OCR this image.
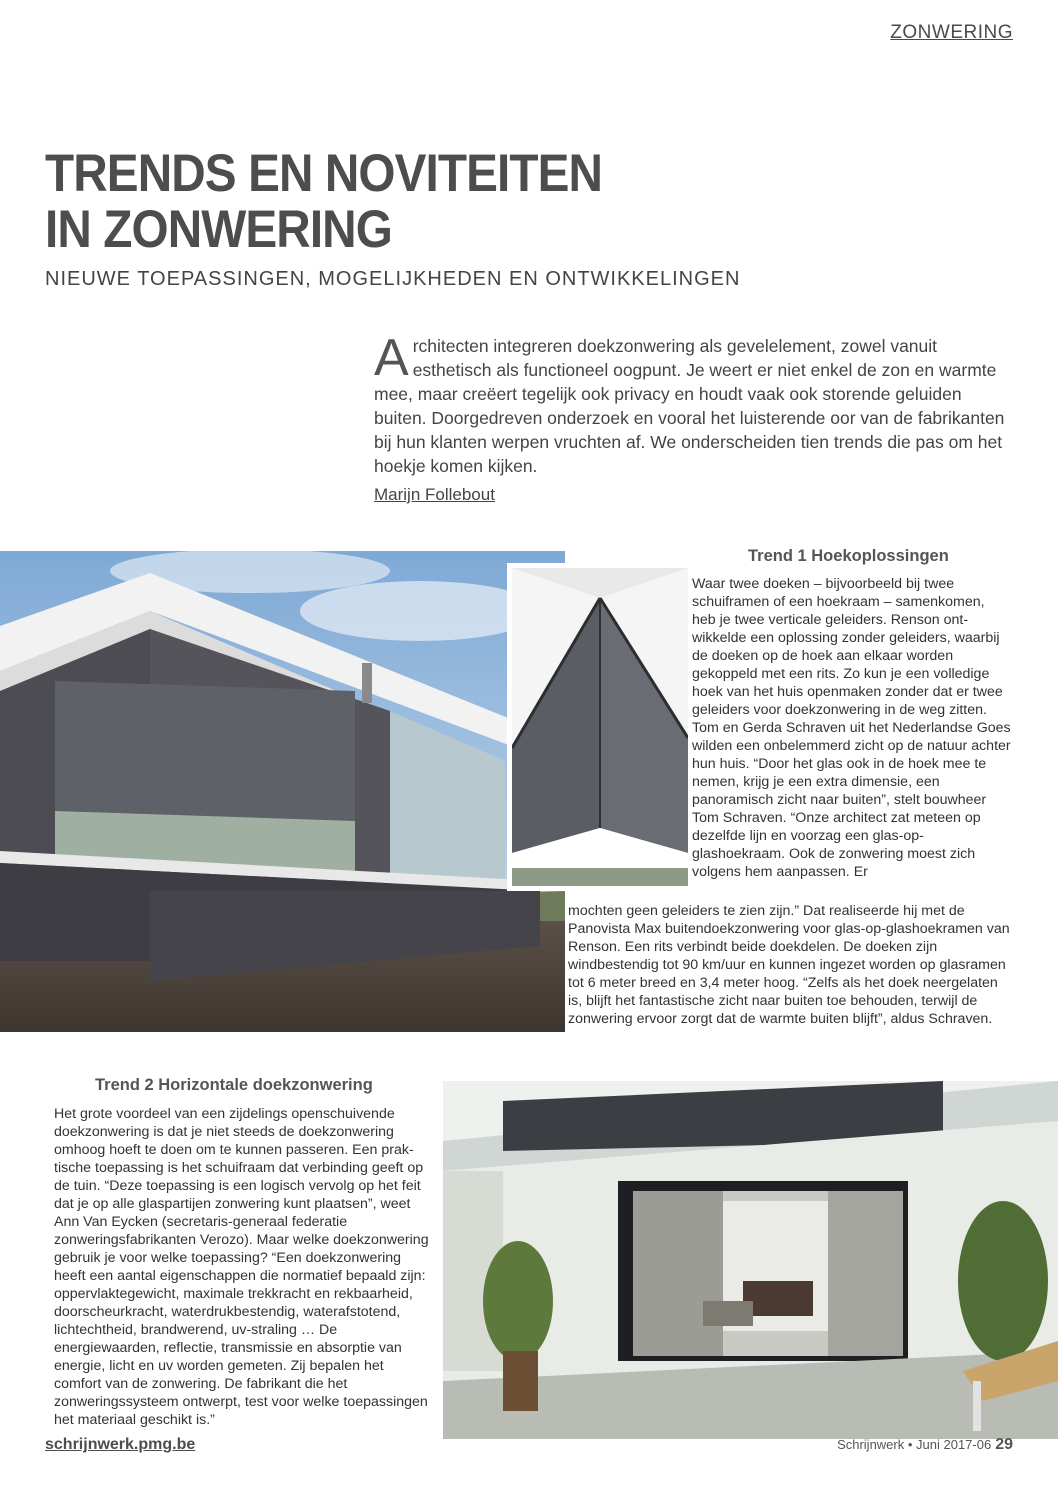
ZONWERING
TRENDS EN NOVITEITEN
IN ZONWERING
NIEUWE TOEPASSINGEN, MOGELIJKHEDEN EN ONTWIKKELINGEN
Architecten integreren doekzonwering als gevelelement, zowel vanuit esthetisch als functioneel oogpunt. Je weert er niet enkel de zon en warmte mee, maar creëert tegelijk ook privacy en houdt vaak ook storende geluiden buiten. Doorgedreven onderzoek en vooral het luisterende oor van de fabrikanten bij hun klanten werpen vruchten af. We onderscheiden tien trends die pas om het hoekje komen kijken.
Marijn Follebout
Trend 1 Hoekoplossingen
Waar twee doeken – bijvoorbeeld bij twee schuiframen of een hoekraam – samenkomen, heb je twee verticale geleiders. Renson ontwikkelde een oplossing zonder geleiders, waarbij de doeken op de hoek aan elkaar worden gekoppeld met een rits. Zo kun je een volledige hoek van het huis openmaken zonder dat er twee geleiders voor doekzonwering in de weg zitten. Tom en Gerda Schraven uit het Nederlandse Goes wilden een onbelemmerd zicht op de natuur achter hun huis. “Door het glas ook in de hoek mee te nemen, krijg je een extra dimensie, een panoramisch zicht naar buiten”, stelt bouwheer Tom Schraven. “Onze architect zat meteen op dezelfde lijn en voorzag een glas-op-glashoekraam. Ook de zonwering moest zich volgens hem aanpassen. Er
mochten geen geleiders te zien zijn.” Dat realiseerde hij met de Panovista Max buitendoekzonwering voor glas-op-glashoekramen van Renson. Een rits verbindt beide doekdelen. De doeken zijn windbestendig tot 90 km/uur en kunnen ingezet worden op glasramen tot 6 meter breed en 3,4 meter hoog. “Zelfs als het doek neergelaten is, blijft het fantastische zicht naar buiten toe behouden, terwijl de zonwering ervoor zorgt dat de warmte buiten blijft”, aldus Schraven.
Trend 2 Horizontale doekzonwering
Het grote voordeel van een zijdelings openschuivende doekzonwering is dat je niet steeds de doekzonwering omhoog hoeft te doen om te kunnen passeren. Een praktische toepassing is het schuifraam dat verbinding geeft op de tuin. “Deze toepassing is een logisch vervolg op het feit dat je op alle glaspartijen zonwering kunt plaatsen”, weet Ann Van Eycken (secretaris-generaal federatie zonweringsfabrikanten Verozo). Maar welke doekzonwering gebruik je voor welke toepassing? “Een doekzonwering heeft een aantal eigenschappen die normatief bepaald zijn: oppervlaktegewicht, maximale trekkracht en rekbaarheid, doorscheurkracht, waterdrukbestendig, waterafstotend, lichtechtheid, brandwerend, uv-straling … De energiewaarden, reflectie, transmissie en absorptie van energie, licht en uv worden gemeten. Zij bepalen het comfort van de zonwering. De fabrikant die het zonweringssysteem ontwerpt, test voor welke toepassingen het materiaal geschikt is.”
schrijnwerk.pmg.be	Schrijnwerk • Juni 2017-06 29
